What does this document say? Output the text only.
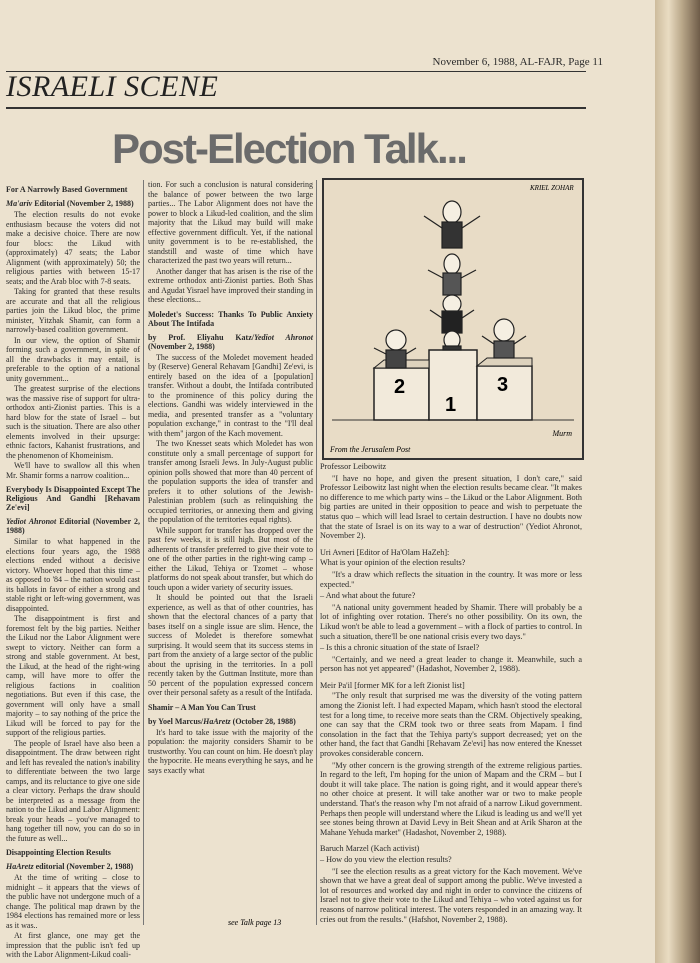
November 6, 1988, AL-FAJR, Page 11
ISRAELI SCENE
Post-Election Talk...
For A Narrowly Based Government
Ma'ariv Editorial (November 2, 1988)

The election results do not evoke enthusiasm because the voters did not make a decisive choice. There are now four blocs: the Likud with (approximately) 47 seats; the Labor Alignment (with approximately) 50; the religious parties with between 15-17 seats; and the Arab bloc with 7-8 seats.

Taking for granted that these results are accurate and that all the religious parties join the Likud bloc, the prime minister, Yitzhak Shamir, can form a narrowly-based coalition government.

In our view, the option of Shamir forming such a government, in spite of all the drawbacks it may entail, is preferable to the option of a national unity government...

The greatest surprise of the elections was the massive rise of support for ultra-orthodox anti-Zionist parties. This is a hard blow for the state of Israel – but such is the situation. There are also other elements involved in their upsurge: ethnic factors, Kahanist frustrations, and the phenomenon of Khomeinism.

We'll have to swallow all this when Mr. Shamir forms a narrow coalition...

Everybody Is Disappointed Except The Religious And Gandhi [Rehavam Ze'evi]
Yediot Ahronot Editorial (November 2, 1988)

Similar to what happened in the elections four years ago, the 1988 elections ended without a decisive victory. Whoever hoped that this time – as opposed to '84 – the nation would cast its ballots in favor of either a strong and stable right or left-wing government, was disappointed.

The disappointment is first and foremost felt by the big parties. Neither the Likud nor the Labor Alignment were swept to victory. Neither can form a strong and stable government. At best, the Likud, at the head of the right-wing camp, will have more to offer the religious factions in coalition negotiations. But even if this case, the government will only have a small majority – to say nothing of the price the Likud will be forced to pay for the support of the religious parties.

The people of Israel have also been a disappointment. The draw between right and left has revealed the nation's inability to differentiate between the two large camps, and its reluctance to give one side a clear victory. Perhaps the draw should be interpreted as a message from the nation to the Likud and Labor Alignment: break your heads – you've managed to hang together till now, you can do so in the future as well...

Disappointing Election Results
HaAretz editorial (November 2, 1988)

At the time of writing – close to midnight – it appears that the views of the public have not undergone much of a change. The political map drawn by the 1984 elections has remained more or less as it was..

At first glance, one may get the impression that the public isn't fed up with the Labor Alignment-Likud coali-

tion. For such a conclusion is natural considering the balance of power between the two large parties... The Labor Alignment does not have the power to block a Likud-led coalition, and the slim majority that the Likud may build will make effective government difficult. Yet, if the national unity government is to be re-established, the standstill and waste of time which have characterized the past two years will return...

Another danger that has arisen is the rise of the extreme orthodox anti-Zionist parties. Both Shas and Agudat Yisrael have improved their standing in these elections...

Moledet's Success: Thanks To Public Anxiety About The Intifada
by Prof. Eliyahu Katz/Yediot Ahronot (November 2, 1988)

The success of the Moledet movement headed by (Reserve) General Rehavam [Gandhi] Ze'evi, is entirely based on the idea of a [population] transfer. Without a doubt, the Intifada contributed to the prominence of this policy during the elections. Gandhi was widely interviewed in the media, and presented transfer as a "voluntary population exchange," in contrast to the "I'll deal with them" jargon of the Kach movement.

The two Knesset seats which Moledet has won constitute only a small percentage of support for transfer among Israeli Jews. In July-August public opinion polls showed that more than 40 percent of the population supports the idea of transfer and prefers it to other solutions of the Jewish-Palestinian problem (such as relinquishing the occupied territories, or annexing them and giving the population of the territories equal rights).

While support for transfer has dropped over the past few weeks, it is still high. But most of the adherents of transfer preferred to give their vote to one of the other parties in the right-wing camp – either the Likud, Tehiya or Tzomet – whose platforms do not speak about transfer, but which do touch upon a wider variety of security issues.

It should be pointed out that the Israeli experience, as well as that of other countries, has shown that the electoral chances of a party that bases itself on a single issue are slim. Hence, the success of Moledet is therefore somewhat surprising. It would seem that its success stems in part from the anxiety of a large sector of the public about the uprising in the territories. In a poll recently taken by the Guttman Institute, more than 50 percent of the population expressed concern over their personal safety as a result of the Intifada.

Shamir – A Man You Can Trust
by Yoel Marcus/HaAretz (October 28, 1988)

It's hard to take issue with the majority of the population: the majority considers Shamir to be trustworthy. You can count on him. He doesn't play the hypocrite. He means everything he says, and he says exactly what

see Talk page 13
KRIEL ZOHAR
2
1
3
Murm
From the Jerusalem Post

Professor Leibowitz

"I have no hope, and given the present situation, I don't care," said Professor Leibowitz last night when the election results became clear. "It makes no difference to me which party wins – the Likud or the Labor Alignment. Both big parties are united in their opposition to peace and wish to perpetuate the status quo – which will lead Israel to certain destruction. I have no doubts now that the state of Israel is on its way to a war of destruction" (Yediot Ahronot, November 2).

Uri Avneri [Editor of Ha'Olam HaZeh]:

What is your opinion of the election results?

"It's a draw which reflects the situation in the country. It was more or less expected."

– And what about the future?

"A national unity government headed by Shamir. There will probably be a lot of infighting over rotation. There's no other possibility. On its own, the Likud won't be able to lead a government – with a flock of parties to control. In such a situation, there'll be one national crisis every two days."

– Is this a chronic situation of the state of Israel?

"Certainly, and we need a great leader to change it. Meanwhile, such a person has not yet appeared" (Hadashot, November 2, 1988).

Meir Pa'il [former MK for a left Zionist list]

"The only result that surprised me was the diversity of the voting pattern among the Zionist left. I had expected Mapam, which hasn't stood the electoral test for a long time, to receive more seats than the CRM. Objectively speaking, one can say that the CRM took two or three seats from Mapam. I find consolation in the fact that the Tehiya party's support decreased; yet on the other hand, the fact that Gandhi [Rehavam Ze'evi] has now entered the Knesset provokes considerable concern.

"My other concern is the growing strength of the extreme religious parties. In regard to the left, I'm hoping for the union of Mapam and the CRM – but I doubt it will take place. The nation is going right, and it would appear there's no other choice at present. It will take another war or two to make people understand. That's the reason why I'm not afraid of a narrow Likud government. Perhaps then people will understand where the Likud is leading us and we'll yet see stones being thrown at David Levy in Beit Shean and at Arik Sharon at the Mahane Yehuda market" (Hadashot, November 2, 1988).

Baruch Marzel (Kach activist)

– How do you view the election results?

"I see the election results as a great victory for the Kach movement. We've shown that we have a great deal of support among the public. We've invested a lot of resources and worked day and night in order to convince the citizens of Israel not to give their vote to the Likud and Tehiya – who voted against us for reasons of narrow political interest. The voters responded in an amazing way. It cries out from the results." (Hafshot, November 2, 1988).
